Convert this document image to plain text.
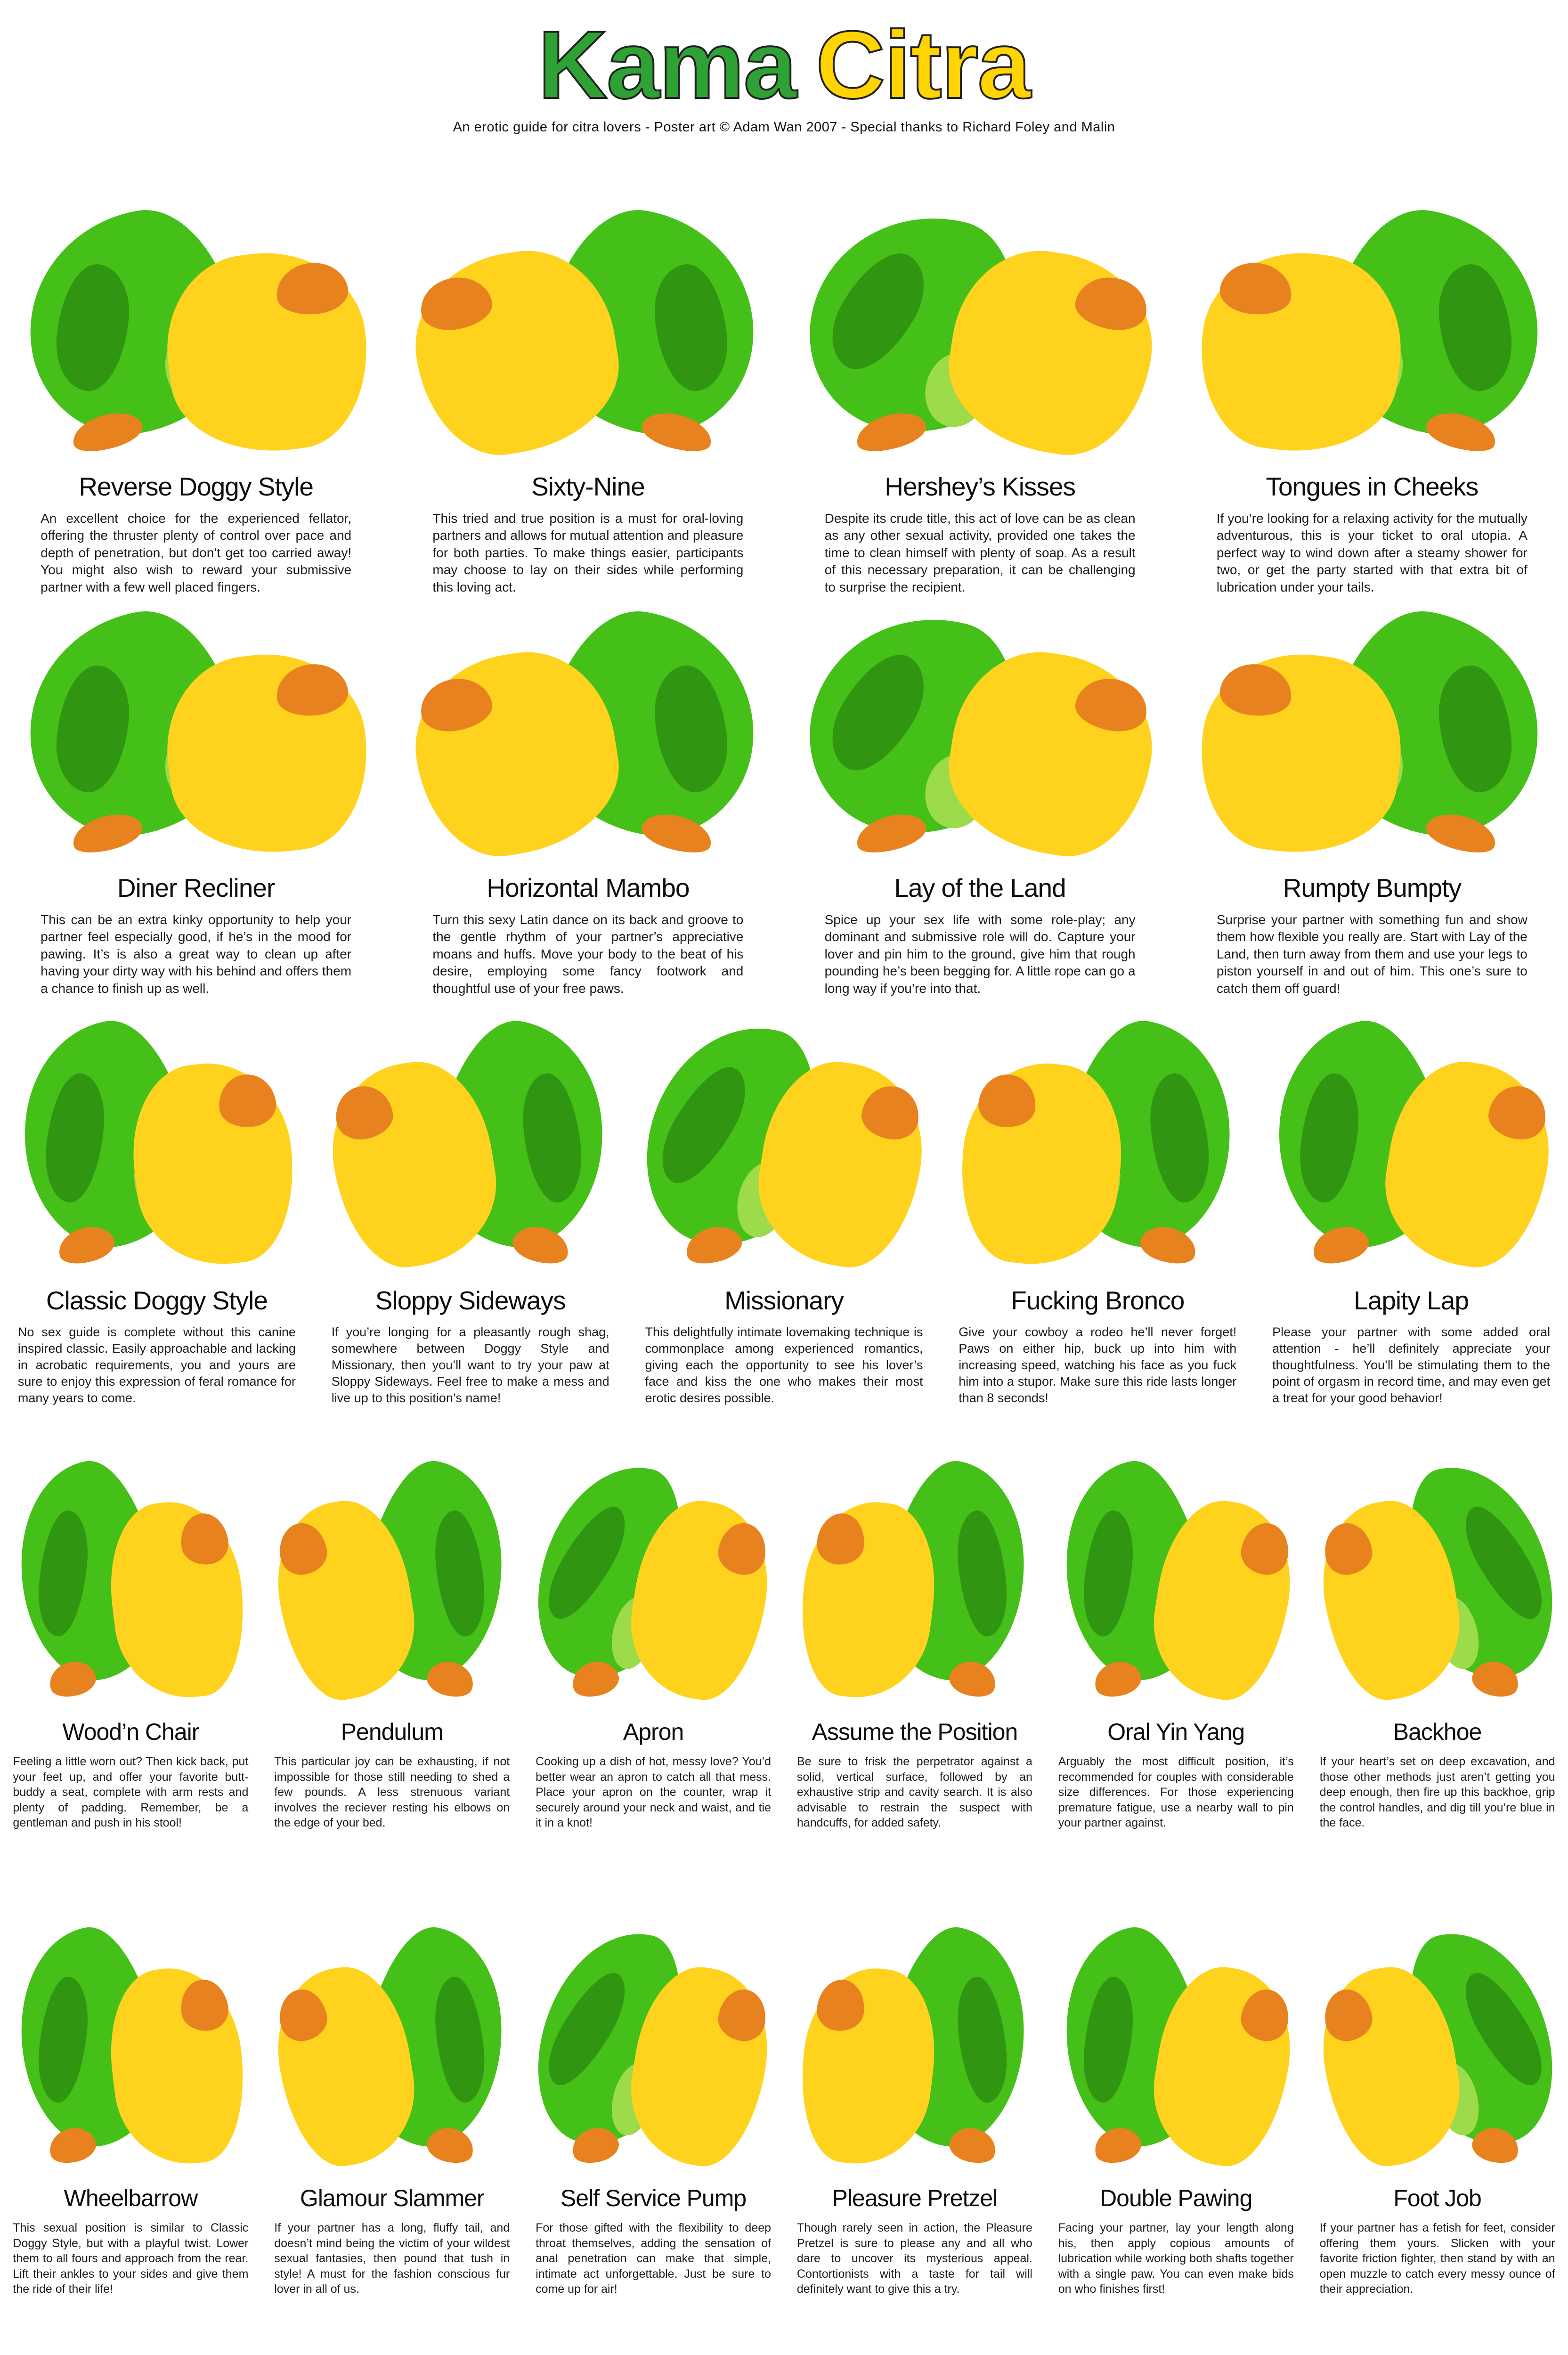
Kama Citra
An erotic guide for citra lovers - Poster art © Adam Wan 2007 - Special thanks to Richard Foley and Malin
Reverse Doggy Style

An excellent choice for the experienced fellator, offering the thruster plenty of control over pace and depth of penetration, but don’t get too carried away! You might also wish to reward your submissive partner with a few well placed fingers.

Sixty-Nine

This tried and true position is a must for oral-loving partners and allows for mutual attention and pleasure for both parties. To make things easier, participants may choose to lay on their sides while performing this loving act.

Hershey’s Kisses

Despite its crude title, this act of love can be as clean as any other sexual activity, provided one takes the time to clean himself with plenty of soap. As a result of this necessary preparation, it can be challenging to surprise the recipient.

Tongues in Cheeks

If you’re looking for a relaxing activity for the mutually adventurous, this is your ticket to oral utopia. A perfect way to wind down after a steamy shower for two, or get the party started with that extra bit of lubrication under your tails.

Diner Recliner

This can be an extra kinky opportunity to help your partner feel especially good, if he’s in the mood for pawing. It’s is also a great way to clean up after having your dirty way with his behind and offers them a chance to finish up as well.

Horizontal Mambo

Turn this sexy Latin dance on its back and groove to the gentle rhythm of your partner’s appreciative moans and huffs. Move your body to the beat of his desire, employing some fancy footwork and thoughtful use of your free paws.

Lay of the Land

Spice up your sex life with some role-play; any dominant and submissive role will do. Capture your lover and pin him to the ground, give him that rough pounding he’s been begging for. A little rope can go a long way if you’re into that.

Rumpty Bumpty

Surprise your partner with something fun and show them how flexible you really are. Start with Lay of the Land, then turn away from them and use your legs to piston yourself in and out of him. This one’s sure to catch them off guard!

Classic Doggy Style

No sex guide is complete without this canine inspired classic. Easily approachable and lacking in acrobatic requirements, you and yours are sure to enjoy this expression of feral romance for many years to come.

Sloppy Sideways

If you’re longing for a pleasantly rough shag, somewhere between Doggy Style and Missionary, then you’ll want to try your paw at Sloppy Sideways. Feel free to make a mess and live up to this position’s name!

Missionary

This delightfully intimate lovemaking technique is commonplace among experienced romantics, giving each the opportunity to see his lover’s face and kiss the one who makes their most erotic desires possible.

Fucking Bronco

Give your cowboy a rodeo he’ll never forget! Paws on either hip, buck up into him with increasing speed, watching his face as you fuck him into a stupor. Make sure this ride lasts longer than 8 seconds!

Lapity Lap

Please your partner with some added oral attention - he’ll definitely appreciate your thoughtfulness. You’ll be stimulating them to the point of orgasm in record time, and may even get a treat for your good behavior!

Wood’n Chair

Feeling a little worn out? Then kick back, put your feet up, and offer your favorite butt-buddy a seat, complete with arm rests and plenty of padding. Remember, be a gentleman and push in his stool!

Pendulum

This particular joy can be exhausting, if not impossible for those still needing to shed a few pounds. A less strenuous variant involves the reciever resting his elbows on the edge of your bed.

Apron

Cooking up a dish of hot, messy love? You’d better wear an apron to catch all that mess. Place your apron on the counter, wrap it securely around your neck and waist, and tie it in a knot!

Assume the Position

Be sure to frisk the perpetrator against a solid, vertical surface, followed by an exhaustive strip and cavity search. It is also advisable to restrain the suspect with handcuffs, for added safety.

Oral Yin Yang

Arguably the most difficult position, it’s recommended for couples with considerable size differences. For those experiencing premature fatigue, use a nearby wall to pin your partner against.

Backhoe

If your heart’s set on deep excavation, and those other methods just aren’t getting you deep enough, then fire up this backhoe, grip the control handles, and dig till you’re blue in the face.

Wheelbarrow

This sexual position is similar to Classic Doggy Style, but with a playful twist. Lower them to all fours and approach from the rear. Lift their ankles to your sides and give them the ride of their life!

Glamour Slammer

If your partner has a long, fluffy tail, and doesn’t mind being the victim of your wildest sexual fantasies, then pound that tush in style! A must for the fashion conscious fur lover in all of us.

Self Service Pump

For those gifted with the flexibility to deep throat themselves, adding the sensation of anal penetration can make that simple, intimate act unforgettable. Just be sure to come up for air!

Pleasure Pretzel

Though rarely seen in action, the Pleasure Pretzel is sure to please any and all who dare to uncover its mysterious appeal. Contortionists with a taste for tail will definitely want to give this a try.

Double Pawing

Facing your partner, lay your length along his, then apply copious amounts of lubrication while working both shafts together with a single paw. You can even make bids on who finishes first!

Foot Job

If your partner has a fetish for feet, consider offering them yours. Slicken with your favorite friction fighter, then stand by with an open muzzle to catch every messy ounce of their appreciation.
